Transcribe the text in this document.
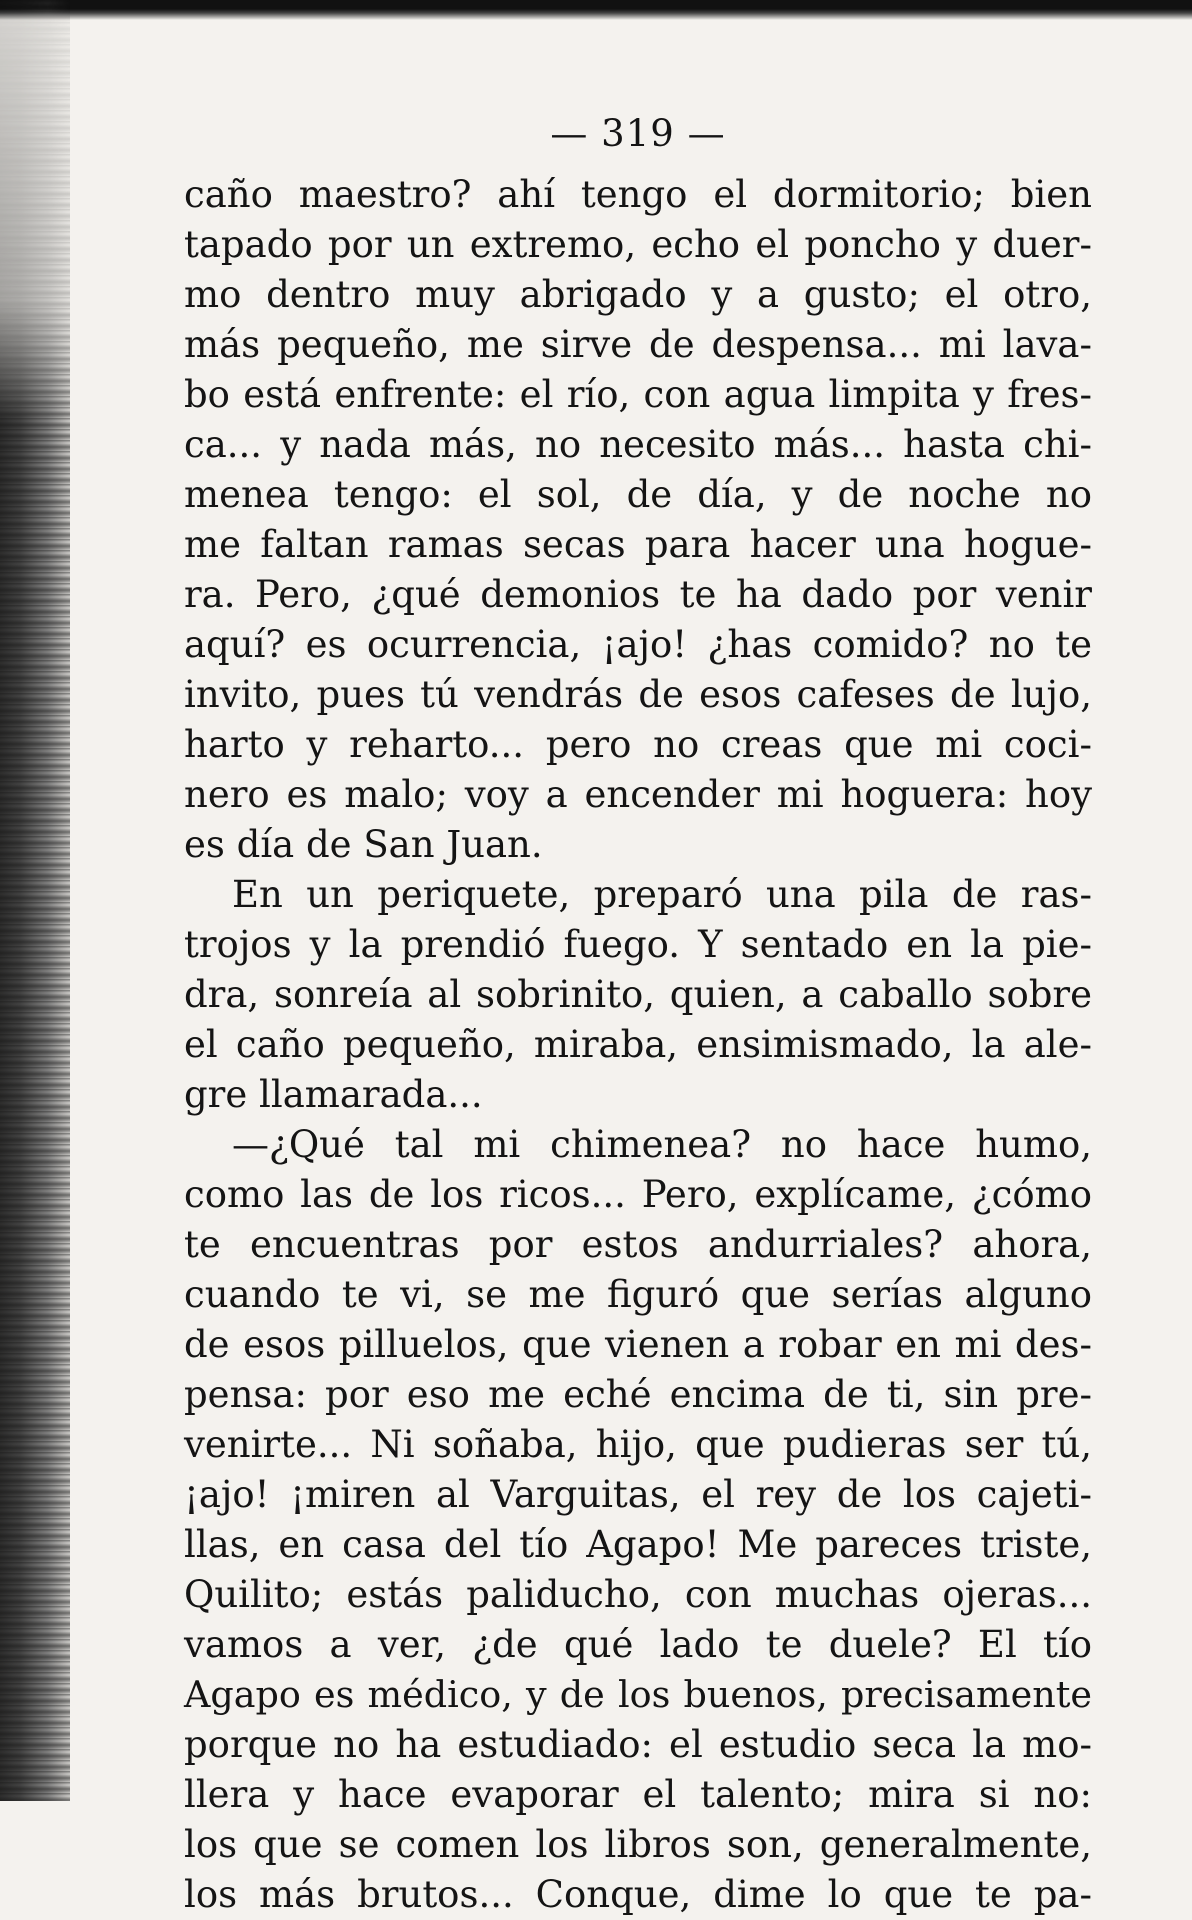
— 319 —
caño maestro? ahí tengo el dormitorio; bien
tapado por un extremo, echo el poncho y duer-
mo dentro muy abrigado y a gusto; el otro,
más pequeño, me sirve de despensa... mi lava-
bo está enfrente: el río, con agua limpita y fres-
ca... y nada más, no necesito más... hasta chi-
menea tengo: el sol, de día, y de noche no
me faltan ramas secas para hacer una hogue-
ra. Pero, ¿qué demonios te ha dado por venir
aquí? es ocurrencia, ¡ajo! ¿has comido? no te
invito, pues tú vendrás de esos cafeses de lujo,
harto y reharto... pero no creas que mi coci-
nero es malo; voy a encender mi hoguera: hoy
es día de San Juan.
En un periquete, preparó una pila de ras-
trojos y la prendió fuego. Y sentado en la pie-
dra, sonreía al sobrinito, quien, a caballo sobre
el caño pequeño, miraba, ensimismado, la ale-
gre llamarada...
—¿Qué tal mi chimenea? no hace humo,
como las de los ricos... Pero, explícame, ¿cómo
te encuentras por estos andurriales? ahora,
cuando te vi, se me figuró que serías alguno
de esos pilluelos, que vienen a robar en mi des-
pensa: por eso me eché encima de ti, sin pre-
venirte... Ni soñaba, hijo, que pudieras ser tú,
¡ajo! ¡miren al Varguitas, el rey de los cajeti-
llas, en casa del tío Agapo! Me pareces triste,
Quilito; estás paliducho, con muchas ojeras...
vamos a ver, ¿de qué lado te duele? El tío
Agapo es médico, y de los buenos, precisamente
porque no ha estudiado: el estudio seca la mo-
llera y hace evaporar el talento; mira si no:
los que se comen los libros son, generalmente,
los más brutos... Conque, dime lo que te pa-
